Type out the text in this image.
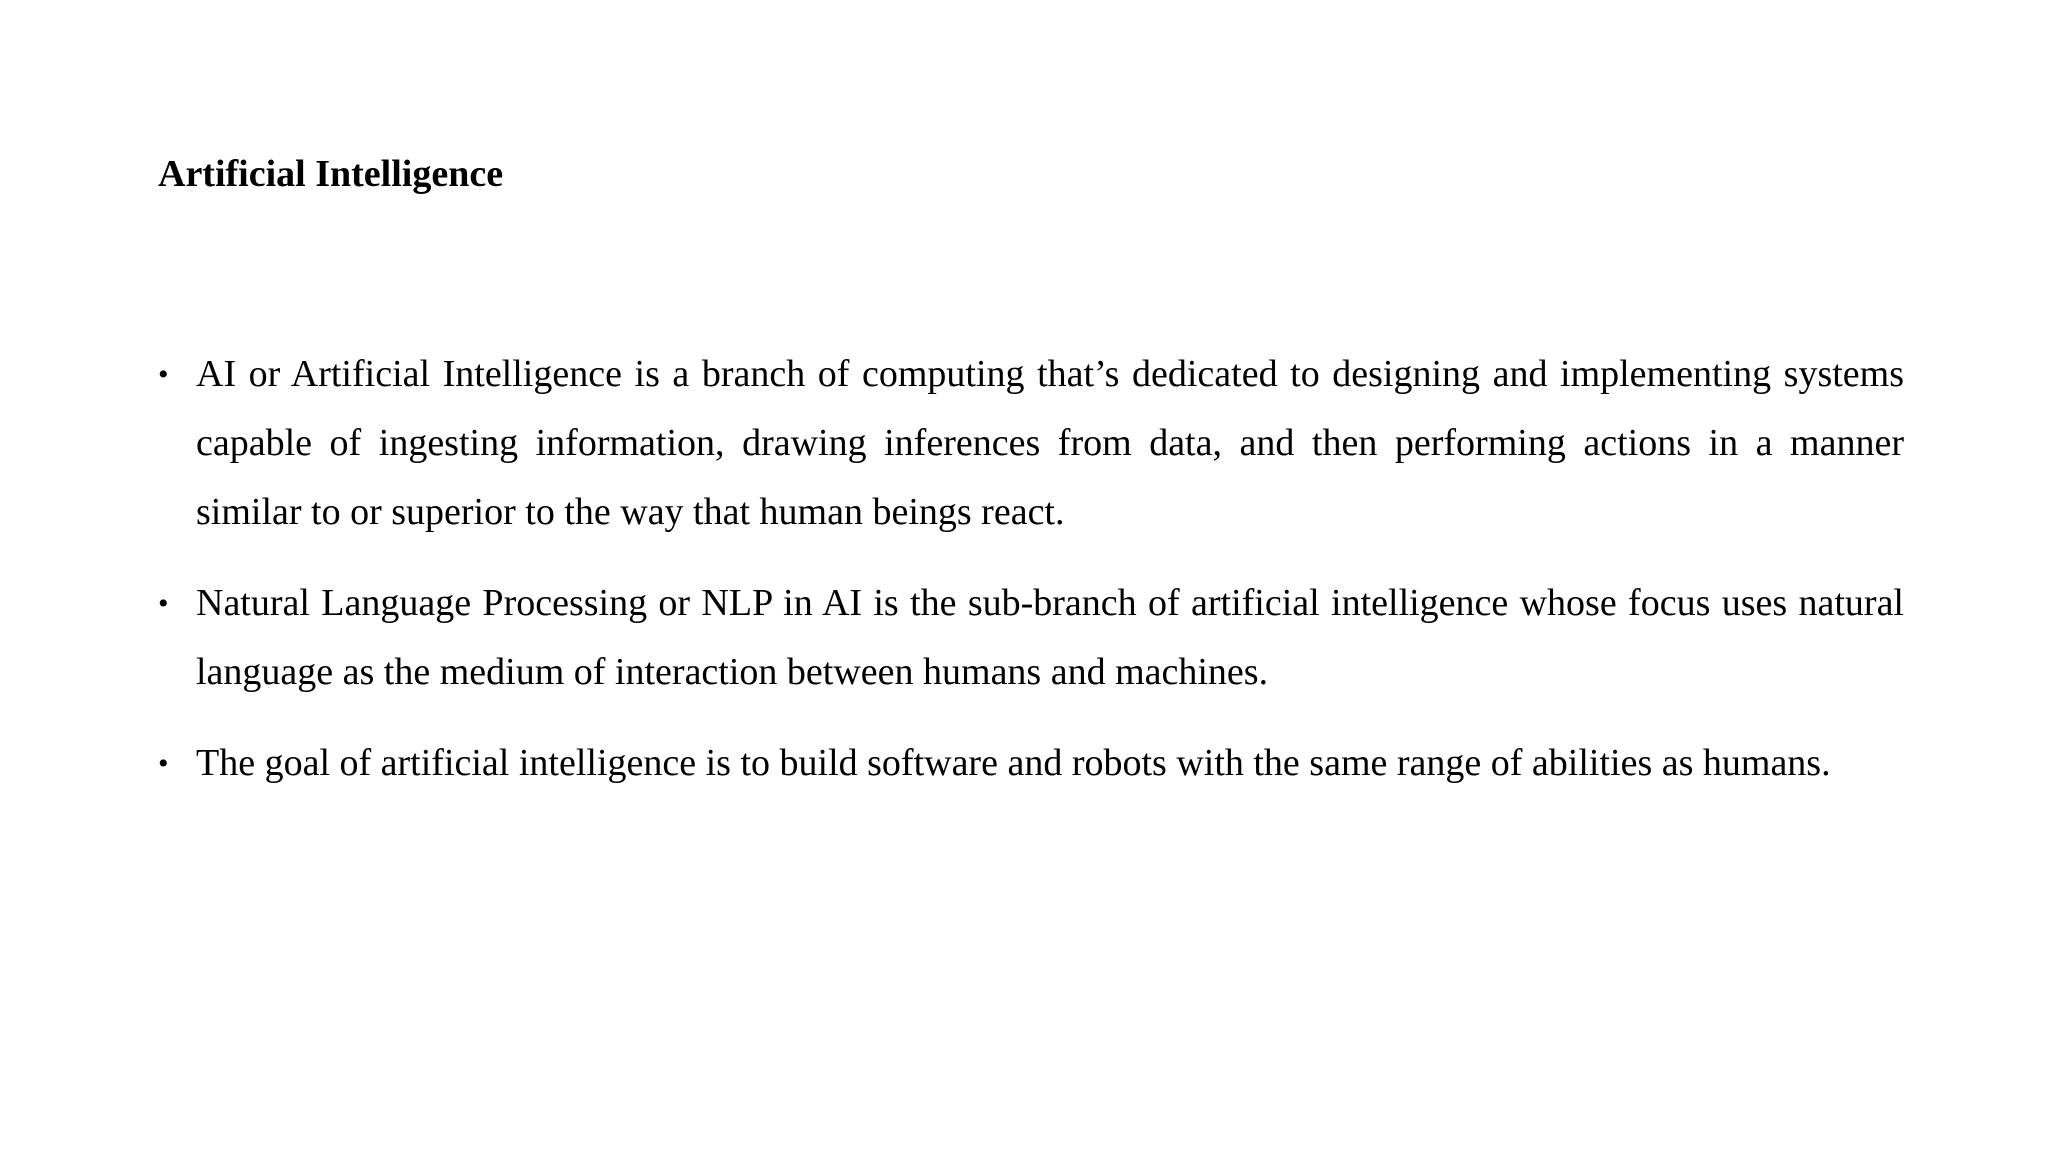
Artificial Intelligence
• AI or Artificial Intelligence is a branch of computing that’s dedicated to designing and implementing systems capable of ingesting information, drawing inferences from data, and then performing actions in a manner similar to or superior to the way that human beings react.
• Natural Language Processing or NLP in AI is the sub-branch of artificial intelligence whose focus uses natural language as the medium of interaction between humans and machines.
• The goal of artificial intelligence is to build software and robots with the same range of abilities as humans.
